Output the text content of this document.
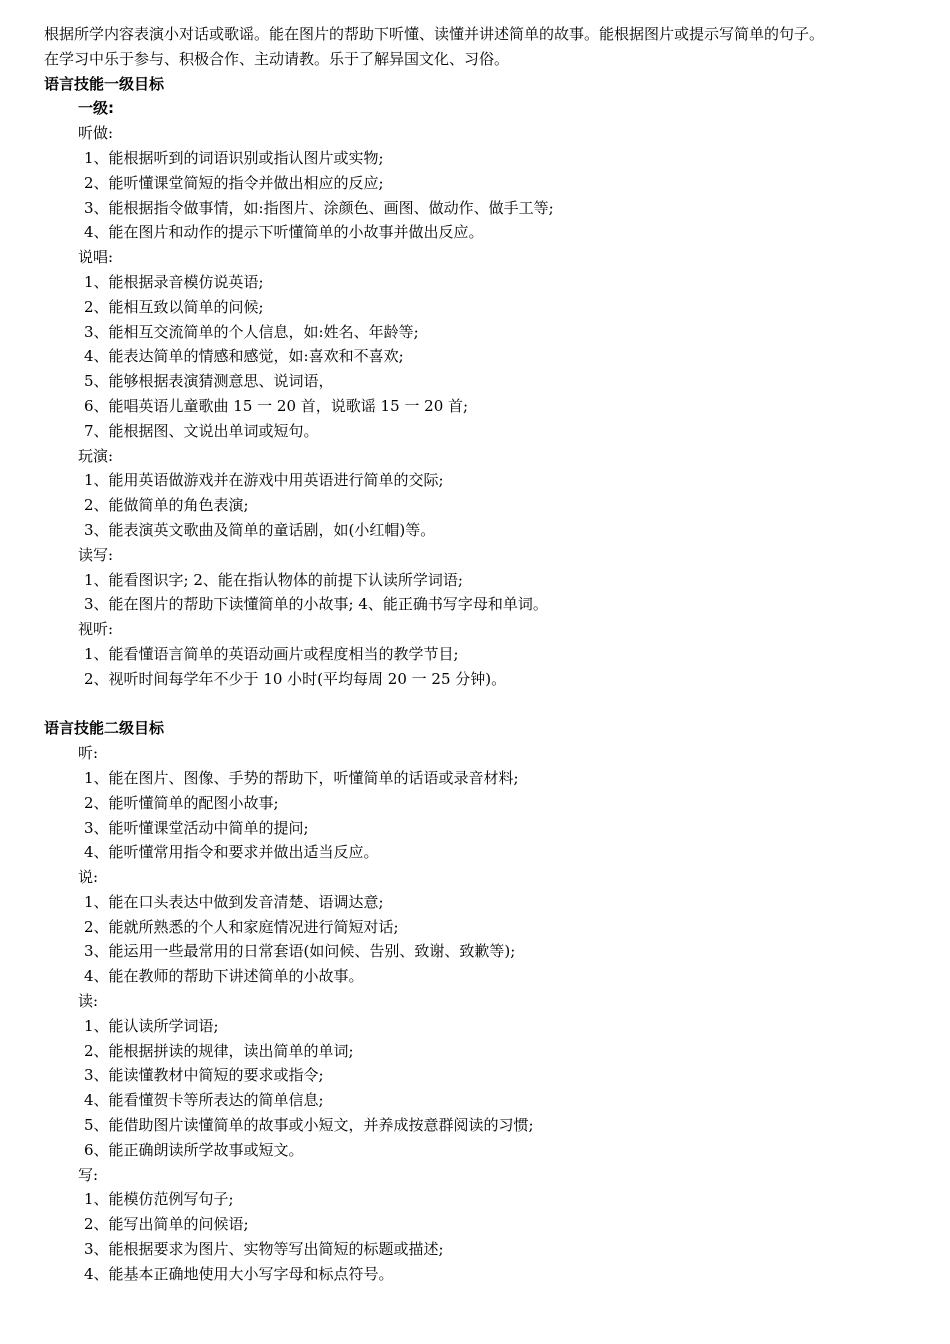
根据所学内容表演小对话或歌谣。能在图片的帮助下听懂、读懂并讲述简单的故事。能根据图片或提示写简单的句子。
在学习中乐于参与、积极合作、主动请教。乐于了解异国文化、习俗。
语言技能一级目标
一级:
听做:
1、能根据听到的词语识别或指认图片或实物;
2、能听懂课堂简短的指令并做出相应的反应;
3、能根据指令做事情，如:指图片、涂颜色、画图、做动作、做手工等;
4、能在图片和动作的提示下听懂简单的小故事并做出反应。
说唱:
1、能根据录音模仿说英语;
2、能相互致以简单的问候;
3、能相互交流简单的个人信息，如:姓名、年龄等;
4、能表达简单的情感和感觉，如:喜欢和不喜欢;
5、能够根据表演猜测意思、说词语，
6、能唱英语儿童歌曲 15 一 20 首，说歌谣 15 一 20 首;
7、能根据图、文说出单词或短句。
玩演:
1、能用英语做游戏并在游戏中用英语进行简单的交际;
2、能做简单的角色表演;
3、能表演英文歌曲及简单的童话剧，如(小红帽)等。
读写:
1、能看图识字; 2、能在指认物体的前提下认读所学词语;
3、能在图片的帮助下读懂简单的小故事; 4、能正确书写字母和单词。
视听:
1、能看懂语言简单的英语动画片或程度相当的教学节目;
2、视听时间每学年不少于 10 小时(平均每周 20 一 25 分钟)。
语言技能二级目标
听:
1、能在图片、图像、手势的帮助下，听懂简单的话语或录音材料;
2、能听懂简单的配图小故事;
3、能听懂课堂活动中简单的提问;
4、能听懂常用指令和要求并做出适当反应。
说:
1、能在口头表达中做到发音清楚、语调达意;
2、能就所熟悉的个人和家庭情况进行简短对话;
3、能运用一些最常用的日常套语(如问候、告别、致谢、致歉等);
4、能在教师的帮助下讲述简单的小故事。
读:
1、能认读所学词语;
2、能根据拼读的规律，读出简单的单词;
3、能读懂教材中简短的要求或指令;
4、能看懂贺卡等所表达的简单信息;
5、能借助图片读懂简单的故事或小短文，并养成按意群阅读的习惯;
6、能正确朗读所学故事或短文。
写:
1、能模仿范例写句子;
2、能写出简单的问候语;
3、能根据要求为图片、实物等写出简短的标题或描述;
4、能基本正确地使用大小写字母和标点符号。
